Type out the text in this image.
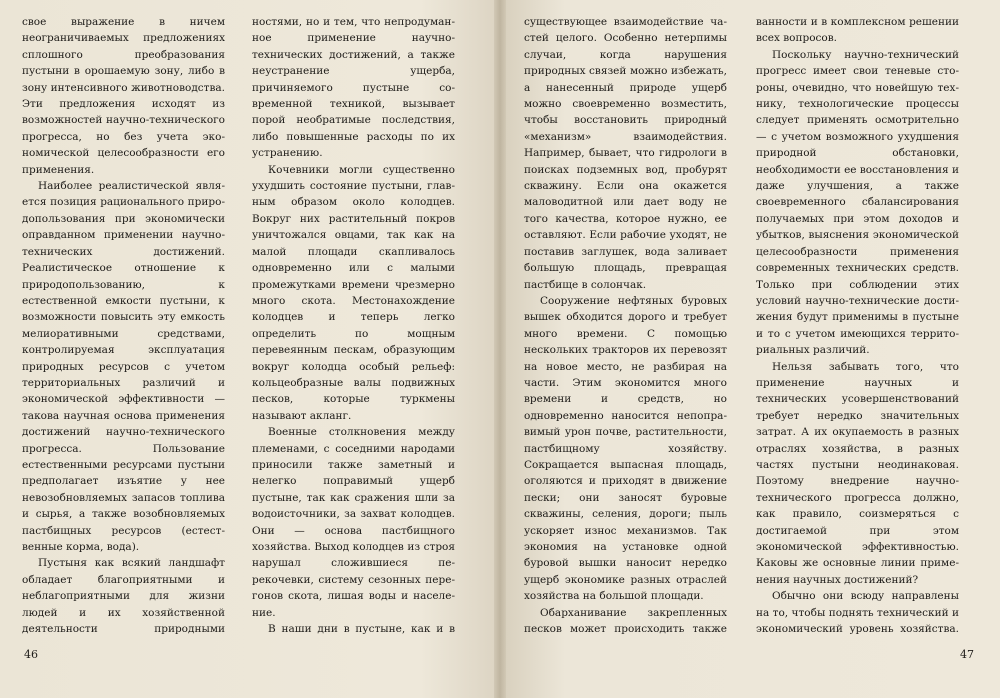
свое выражение в ничем неограничиваемых предложениях сплошного преобразования пустыни в орошаемую зону, либо в зону интенсивного животноводства. Эти предложения исходят из возможностей научно-технического прогресса, но без учета экономической целесообразности его применения.

Наиболее реалистической является позиция рационального природопользования при экономически оправданном применении научно-технических достижений. Реалистическое отношение к природопользованию, к естественной емкости пустыни, к возможности повысить эту емкость мелиоративными средствами, контролируемая эксплуатация природных ресурсов с учетом территориальных различий и экономической эффективности — такова научная основа применения достижений научно-технического прогресса. Пользование естественными ресурсами пустыни предполагает изъятие у нее невозобновляемых запасов топлива и сырья, а также возобновляемых пастбищных ресурсов (естественные корма, вода).

Пустыня как всякий ландшафт обладает благоприятными и неблагоприятными для жизни людей и их хозяйственной деятельности природными

ностями, но и тем, что непродуманное применение научно-технических достижений, а также неустранение ущерба, причиняемого пустыне современной техникой, вызывает порой необратимые последствия, либо повышенные расходы по их устранению.

Кочевники могли существенно ухудшить состояние пустыни, главным образом около колодцев. Вокруг них растительный покров уничтожался овцами, так как на малой площади скапливалось одновременно или с малыми промежутками времени чрезмерно много скота. Местонахождение колодцев и теперь легко определить по мощным перевеянным пескам, образующим вокруг колодца особый рельеф: кольцеобразные валы подвижных песков, которые туркмены называют акланг.

Военные столкновения между племенами, с соседними народами приносили также заметный и нелегко поправимый ущерб пустыне, так как сражения шли за водоисточники, за захват колодцев. Они — основа пастбищного хозяйства. Выход колодцев из строя нарушал сложившиеся перекочевки, систему сезонных перегонов скота, лишая воды и население.

В наши дни в пустыне, как и в

46

существующее взаимодействие частей целого. Особенно нетерпимы случаи, когда нарушения природных связей можно избежать, а нанесенный природе ущерб можно своевременно возместить, чтобы восстановить природный «механизм» взаимодействия. Например, бывает, что гидрологи в поисках подземных вод, пробурят скважину. Если она окажется маловодитной или дает воду не того качества, которое нужно, ее оставляют. Если рабочие уходят, не поставив заглушек, вода заливает большую площадь, превращая пастбище в солончак.

Сооружение нефтяных буровых вышек обходится дорого и требует много времени. С помощью нескольких тракторов их перевозят на новое место, не разбирая на части. Этим экономится много времени и средств, но одновременно наносится непоправимый урон почве, растительности, пастбищному хозяйству. Сокращается выпасная площадь, оголяются и приходят в движение пески; они заносят буровые скважины, селения, дороги; пыль ускоряет износ механизмов. Так экономия на установке одной буровой вышки наносит нередко ущерб экономике разных отраслей хозяйства на большой площади.

Обарханивание закрепленных песков может происходить также

ванности и в комплексном решении всех вопросов.

Поскольку научно-технический прогресс имеет свои теневые стороны, очевидно, что новейшую технику, технологические процессы следует применять осмотрительно — с учетом возможного ухудшения природной обстановки, необходимости ее восстановления и даже улучшения, а также своевременного сбалансирования получаемых при этом доходов и убытков, выяснения экономической целесообразности применения современных технических средств. Только при соблюдении этих условий научно-технические достижения будут применимы в пустыне и то с учетом имеющихся территориальных различий.

Нельзя забывать того, что применение научных и технических усовершенствований требует нередко значительных затрат. А их окупаемость в разных отраслях хозяйства, в разных частях пустыни неодинаковая. Поэтому внедрение научно-технического прогресса должно, как правило, соизмеряться с достигаемой при этом экономической эффективностью. Каковы же основные линии применения научных достижений?

Обычно они всюду направлены на то, чтобы поднять технический и экономический уровень хозяйства.

47
